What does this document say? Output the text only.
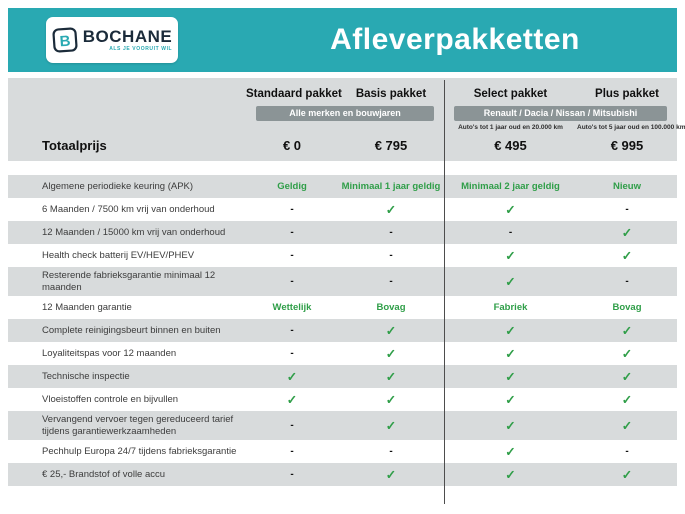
B BOCHANE
ALS JE VOORUIT WIL	Afleverpakketten
Standaard pakket	Basis pakket	Select pakket	Plus pakket
Alle merken en bouwjaren	Renault / Dacia / Nissan / Mitsubishi
Auto's tot 1 jaar oud en 20.000 km	Auto's tot 5 jaar oud en 100.000 km
Totaalprijs	€ 0	€ 795	€ 495	€ 995
Algemene periodieke keuring (APK)	Geldig	Minimaal 1 jaar geldig	Minimaal 2 jaar geldig	Nieuw
6 Maanden / 7500 km vrij van onderhoud	-	✓	✓	-
12 Maanden / 15000 km vrij van onderhoud	-	-	-	✓
Health check batterij EV/HEV/PHEV	-	-	✓	✓
Resterende fabrieksgarantie minimaal 12 maanden	-	-	✓	-
12 Maanden garantie	Wettelijk	Bovag	Fabriek	Bovag
Complete reinigingsbeurt binnen en buiten	-	✓	✓	✓
Loyaliteitspas voor 12 maanden	-	✓	✓	✓
Technische inspectie	✓	✓	✓	✓
Vloeistoffen controle en bijvullen	✓	✓	✓	✓
Vervangend vervoer tegen gereduceerd tarief tijdens garantiewerkzaamheden	-	✓	✓	✓
Pechhulp Europa 24/7 tijdens fabrieksgarantie	-	-	✓	-
€ 25,- Brandstof of volle accu	-	✓	✓	✓
